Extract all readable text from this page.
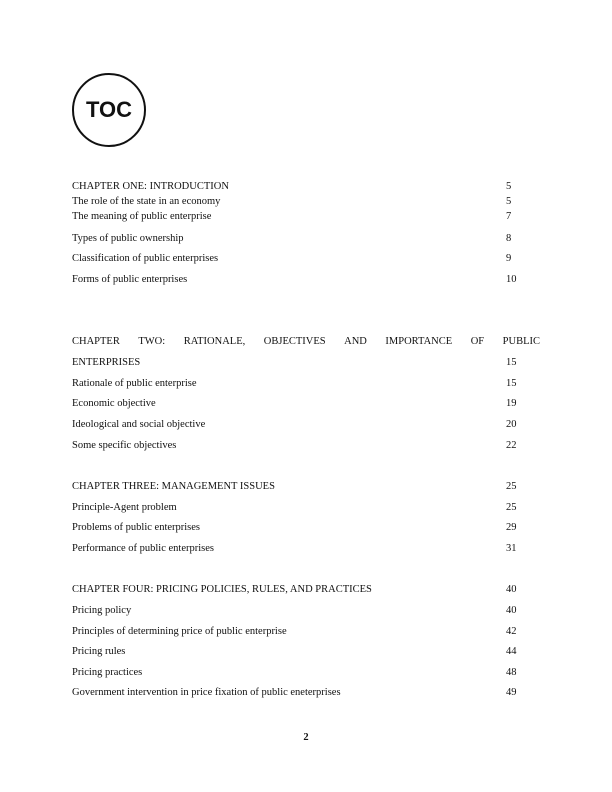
TOC
CHAPTER ONE: INTRODUCTION	5
The role of the state in an economy	5
The meaning of public enterprise	7
Types of public ownership	8
Classification of public enterprises	9
Forms of public enterprises	10
CHAPTER TWO: RATIONALE, OBJECTIVES AND IMPORTANCE OF PUBLIC
ENTERPRISES	15
Rationale of public enterprise	15
Economic objective	19
Ideological and social objective	20
Some specific objectives	22
CHAPTER THREE: MANAGEMENT ISSUES	25
Principle-Agent problem	25
Problems of public enterprises	29
Performance of public enterprises	31
CHAPTER FOUR: PRICING POLICIES, RULES, AND PRACTICES	40
Pricing policy	40
Principles of determining price of public enterprise	42
Pricing rules	44
Pricing practices	48
Government intervention in price fixation of public eneterprises	49
2
